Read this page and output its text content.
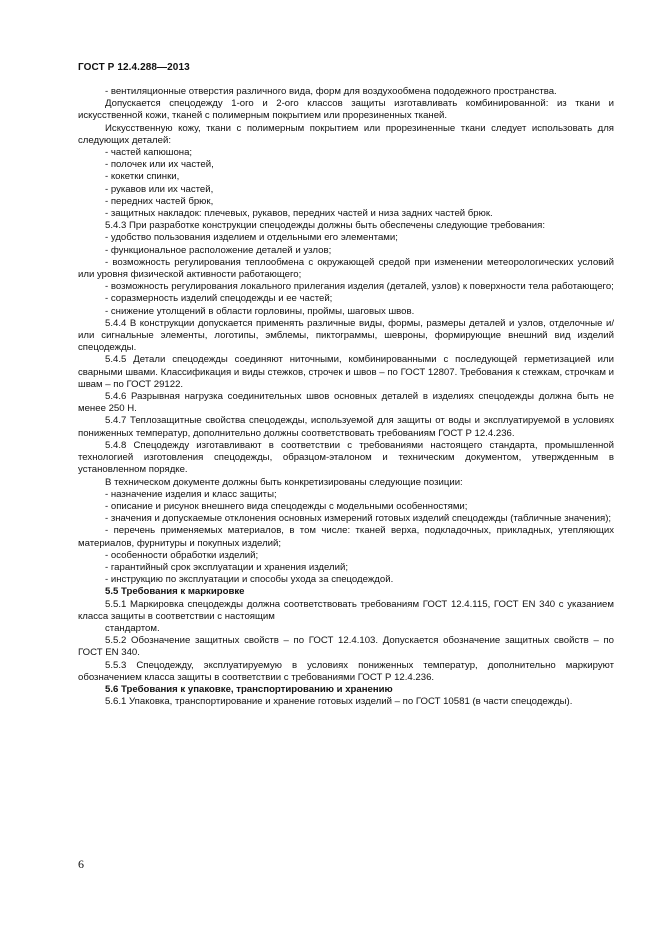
ГОСТ Р 12.4.288—2013

- вентиляционные отверстия различного вида, форм для воздухообмена пододежного пространства.

Допускается спецодежду 1-ого и 2-ого классов защиты изготавливать комбинированной: из ткани и искусственной кожи, тканей с полимерным покрытием или прорезиненных тканей.

Искусственную кожу, ткани с полимерным покрытием или прорезиненные ткани следует использовать для следующих деталей:

- частей капюшона;

- полочек или их частей,

- кокетки спинки,

- рукавов или их частей,

- передних частей брюк,

- защитных накладок: плечевых, рукавов, передних частей и низа задних частей брюк.

5.4.3 При разработке конструкции спецодежды должны быть обеспечены следующие требования:

- удобство пользования изделием и отдельными его элементами;

- функциональное расположение деталей и узлов;

- возможность регулирования теплообмена с окружающей средой при изменении метеорологических условий или уровня физической активности работающего;

- возможность регулирования локального прилегания изделия (деталей, узлов) к поверхности тела работающего;

- соразмерность изделий спецодежды и ее частей;

- снижение утолщений в области горловины, проймы, шаговых швов.

5.4.4 В конструкции допускается применять различные виды, формы, размеры деталей и узлов, отделочные и/или сигнальные элементы, логотипы, эмблемы, пиктограммы, шевроны, формирующие внешний вид изделий спецодежды.

5.4.5 Детали спецодежды соединяют ниточными, комбинированными с последующей герметизацией или сварными швами. Классификация и виды стежков, строчек и швов – по ГОСТ 12807. Требования к стежкам, строчкам и швам – по ГОСТ 29122.

5.4.6 Разрывная нагрузка соединительных швов основных деталей в изделиях спецодежды должна быть не менее 250 Н.

5.4.7 Теплозащитные свойства спецодежды, используемой для защиты от воды и эксплуатируемой в условиях пониженных температур, дополнительно должны соответствовать требованиям ГОСТ Р 12.4.236.

5.4.8 Спецодежду изготавливают в соответствии с требованиями настоящего стандарта, промышленной технологией изготовления спецодежды, образцом-эталоном и техническим документом, утвержденным в установленном порядке.

В техническом документе должны быть конкретизированы следующие позиции:

- назначение изделия и класс защиты;

- описание и рисунок внешнего вида спецодежды с модельными особенностями;

- значения и допускаемые отклонения основных измерений готовых изделий спецодежды (табличные значения);

- перечень применяемых материалов, в том числе: тканей верха, подкладочных, прикладных, утепляющих материалов, фурнитуры и покупных изделий;

- особенности обработки изделий;

- гарантийный срок эксплуатации и хранения изделий;

- инструкцию по эксплуатации и способы ухода за спецодеждой.

5.5 Требования к маркировке

5.5.1 Маркировка спецодежды должна соответствовать требованиям ГОСТ 12.4.115, ГОСТ EN 340 с указанием класса защиты в соответствии с настоящим

стандартом.

5.5.2 Обозначение защитных свойств – по ГОСТ 12.4.103. Допускается обозначение защитных свойств – по ГОСТ EN 340.

5.5.3 Спецодежду, эксплуатируемую в условиях пониженных температур, дополнительно маркируют обозначением класса защиты в соответствии с требованиями ГОСТ Р 12.4.236.

5.6 Требования к упаковке, транспортированию и хранению

5.6.1 Упаковка, транспортирование и хранение готовых изделий – по ГОСТ 10581 (в части спецодежды).

6
